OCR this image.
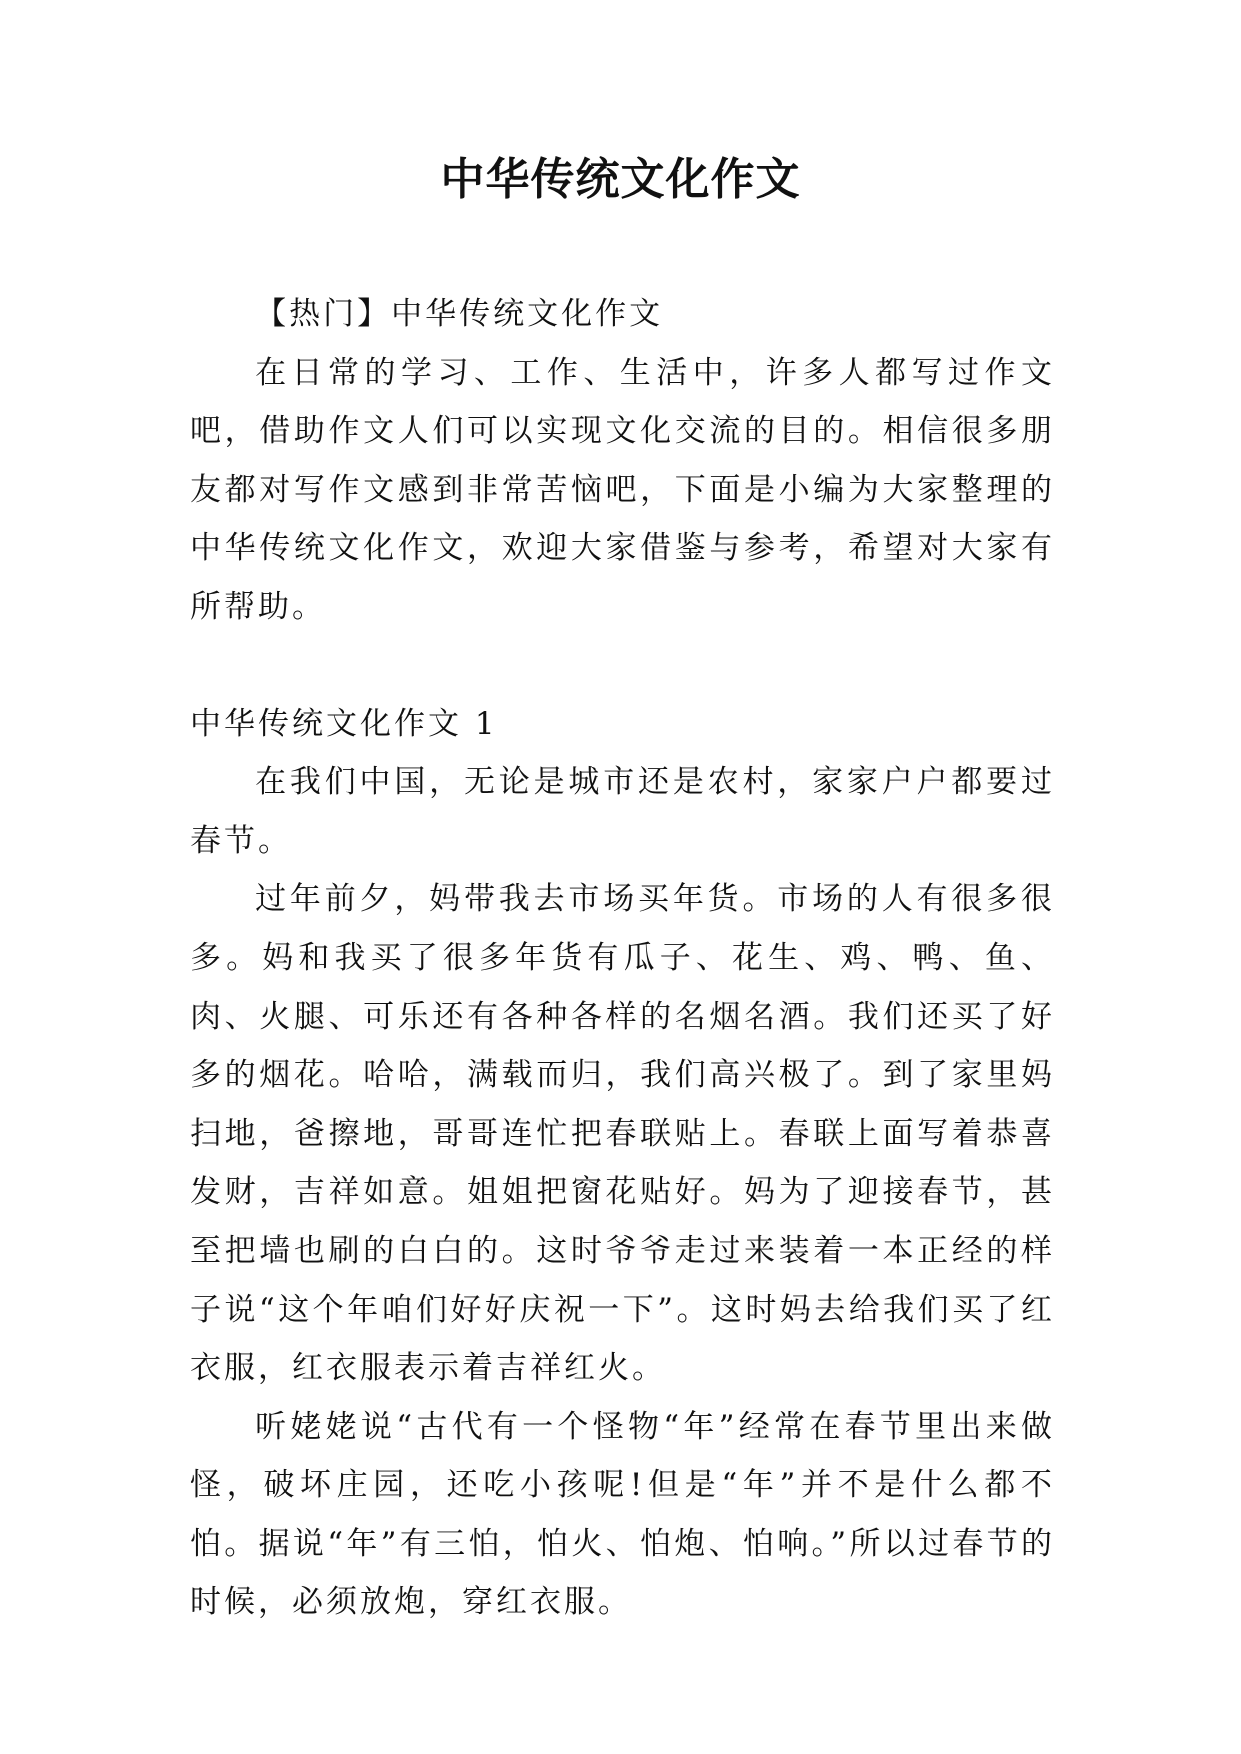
中华传统文化作文

【热门】中华传统文化作文

在日常的学习、工作、生活中，许多人都写过作文吧，借助作文人们可以实现文化交流的目的。相信很多朋友都对写作文感到非常苦恼吧，下面是小编为大家整理的中华传统文化作文，欢迎大家借鉴与参考，希望对大家有所帮助。

中华传统文化作文 1

在我们中国，无论是城市还是农村，家家户户都要过春节。

过年前夕，妈带我去市场买年货。市场的人有很多很多。妈和我买了很多年货有瓜子、花生、鸡、鸭、鱼、肉、火腿、可乐还有各种各样的名烟名酒。我们还买了好多的烟花。哈哈，满载而归，我们高兴极了。到了家里妈扫地，爸擦地，哥哥连忙把春联贴上。春联上面写着恭喜发财，吉祥如意。姐姐把窗花贴好。妈为了迎接春节，甚至把墙也刷的白白的。这时爷爷走过来装着一本正经的样子说“这个年咱们好好庆祝一下”。这时妈去给我们买了红衣服，红衣服表示着吉祥红火。

听姥姥说“古代有一个怪物“年”经常在春节里出来做怪，破坏庄园，还吃小孩呢!但是“年”并不是什么都不怕。据说“年”有三怕，怕火、怕炮、怕响。”所以过春节的时候，必须放炮，穿红衣服。
